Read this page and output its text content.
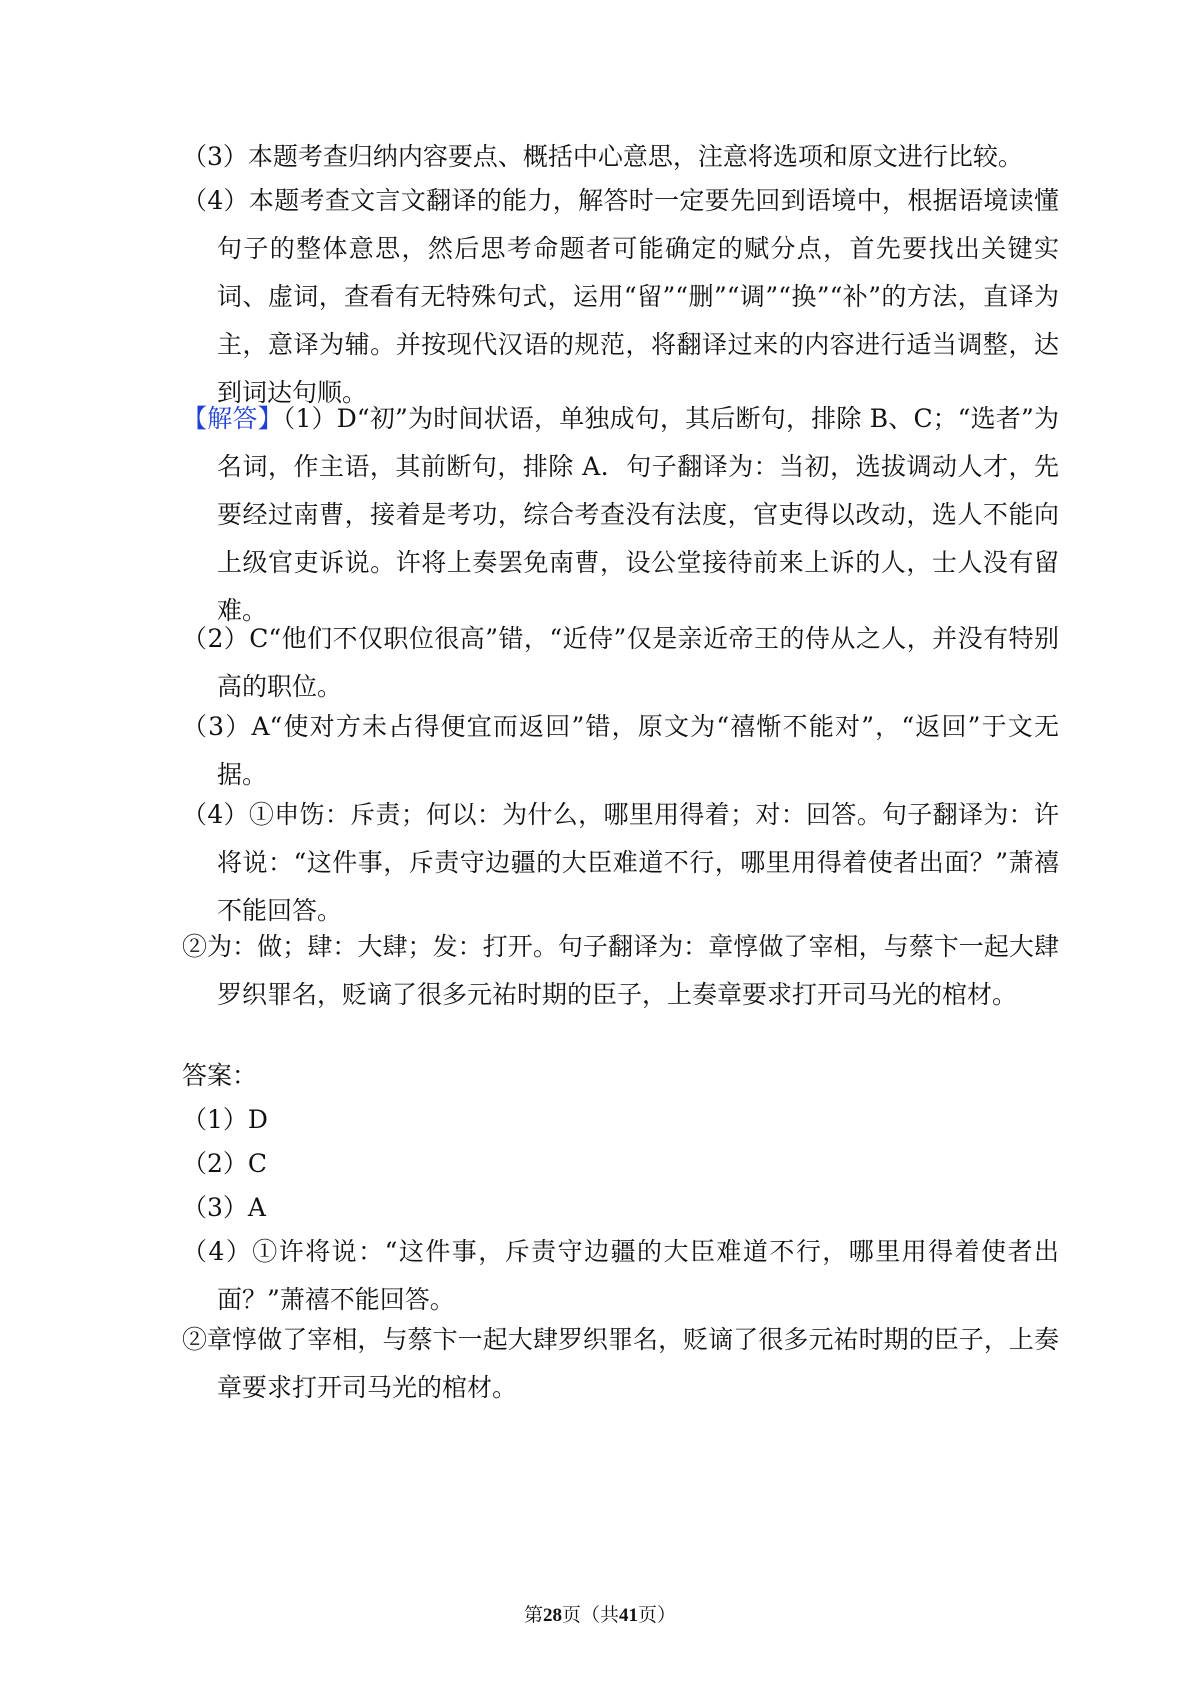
（3）本题考查归纳内容要点、概括中心意思，注意将选项和原文进行比较。
（4）本题考查文言文翻译的能力，解答时一定要先回到语境中，根据语境读懂句子的整体意思，然后思考命题者可能确定的赋分点，首先要找出关键实词、虚词，查看有无特殊句式，运用“留”“删”“调”“换”“补”的方法，直译为主，意译为辅。并按现代汉语的规范，将翻译过来的内容进行适当调整，达到词达句顺。
【解答】（1）D“初”为时间状语，单独成句，其后断句，排除 B、C；“选者”为名词，作主语，其前断句，排除 A．句子翻译为：当初，选拔调动人才，先要经过南曹，接着是考功，综合考查没有法度，官吏得以改动，选人不能向上级官吏诉说。许将上奏罢免南曹，设公堂接待前来上诉的人，士人没有留难。
（2）C“他们不仅职位很高”错，“近侍”仅是亲近帝王的侍从之人，并没有特别高的职位。
（3）A“使对方未占得便宜而返回”错，原文为“禧惭不能对”，“返回”于文无据。
（4）①申饬：斥责；何以：为什么，哪里用得着；对：回答。句子翻译为：许将说：“这件事，斥责守边疆的大臣难道不行，哪里用得着使者出面？”萧禧不能回答。
②为：做；肆：大肆；发：打开。句子翻译为：章惇做了宰相，与蔡卞一起大肆罗织罪名，贬谪了很多元祐时期的臣子，上奏章要求打开司马光的棺材。
答案：
（1）D
（2）C
（3）A
（4）①许将说：“这件事，斥责守边疆的大臣难道不行，哪里用得着使者出面？”萧禧不能回答。
②章惇做了宰相，与蔡卞一起大肆罗织罪名，贬谪了很多元祐时期的臣子，上奏章要求打开司马光的棺材。
第28页（共41页）
